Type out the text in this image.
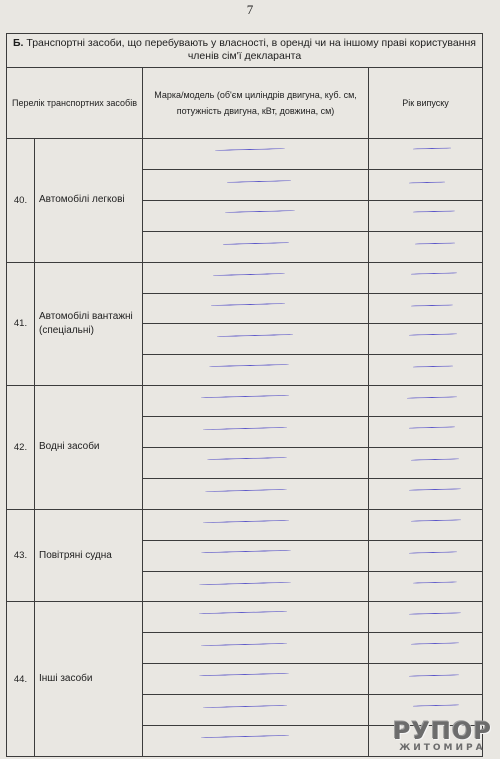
7
Б. Транспортні засоби, що перебувають у власності, в оренді чи на іншому праві користування членів сім'ї декларанта			
Перелік транспортних засобів		Марка/модель (об'єм циліндрів двигуна, куб. см, потужність двигуна, кВт, довжина, см)	Рік випуску
40.	Автомобілі легкові	

41.	Автомобілі вантажні (спеціальні)	

42.	Водні засоби	

43.	Повітряні судна	

44.	Інші засоби	

РУПОР
ЖИТОМИРА
